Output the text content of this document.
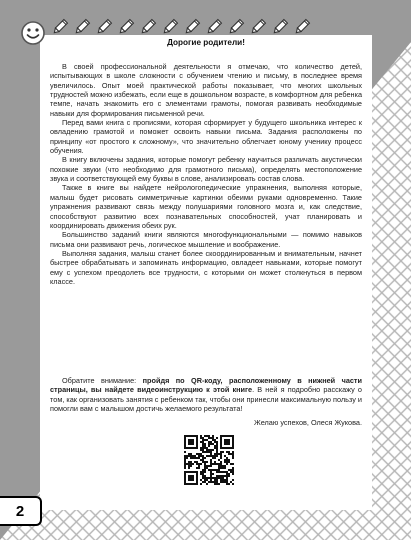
Дорогие родители!

В своей профессиональной деятельности я отмечаю, что количество детей, испытывающих в школе сложности с обучением чтению и письму, в последнее время увеличилось. Опыт моей практической работы показывает, что многих школьных трудностей можно избежать, если еще в дошкольном возрасте, в комфортном для ребенка темпе, начать знакомить его с элементами грамоты, помогая развивать необходимые навыки для формирования письменной речи.

Перед вами книга с прописями, которая сформирует у будущего школьника интерес к овладению грамотой и поможет освоить навыки письма. Задания расположены по принципу «от простого к сложному», что значительно облегчает юному ученику процесс обучения.

В книгу включены задания, которые помогут ребенку научиться различать акустически похожие звуки (что необходимо для грамотного письма), определять местоположение звука и соответствующей ему буквы в слове, анализировать состав слова.

Также в книге вы найдете нейрологопедические упражнения, выполняя которые, малыш будет рисовать симметричные картинки обеими руками одновременно. Такие упражнения развивают связь между полушариями головного мозга и, как следствие, способствуют развитию всех познавательных способностей, учат планировать и координировать движения обеих рук.

Большинство заданий книги являются многофункциональными — помимо навыков письма они развивают речь, логическое мышление и воображение.

Выполняя задания, малыш станет более скоординированным и внимательным, начнет быстрее обрабатывать и запоминать информацию, овладеет навыками, которые помогут ему с успехом преодолеть все трудности, с которыми он может столкнуться в первом классе.

Обратите внимание: пройдя по QR-коду, расположенному в нижней части страницы, вы найдете видеоинструкцию к этой книге. В ней я подробно расскажу о том, как организовать занятия с ребенком так, чтобы они принесли максимальную пользу и помогли вам с малышом достичь желаемого результата!

Желаю успехов, Олеся Жукова.
2
